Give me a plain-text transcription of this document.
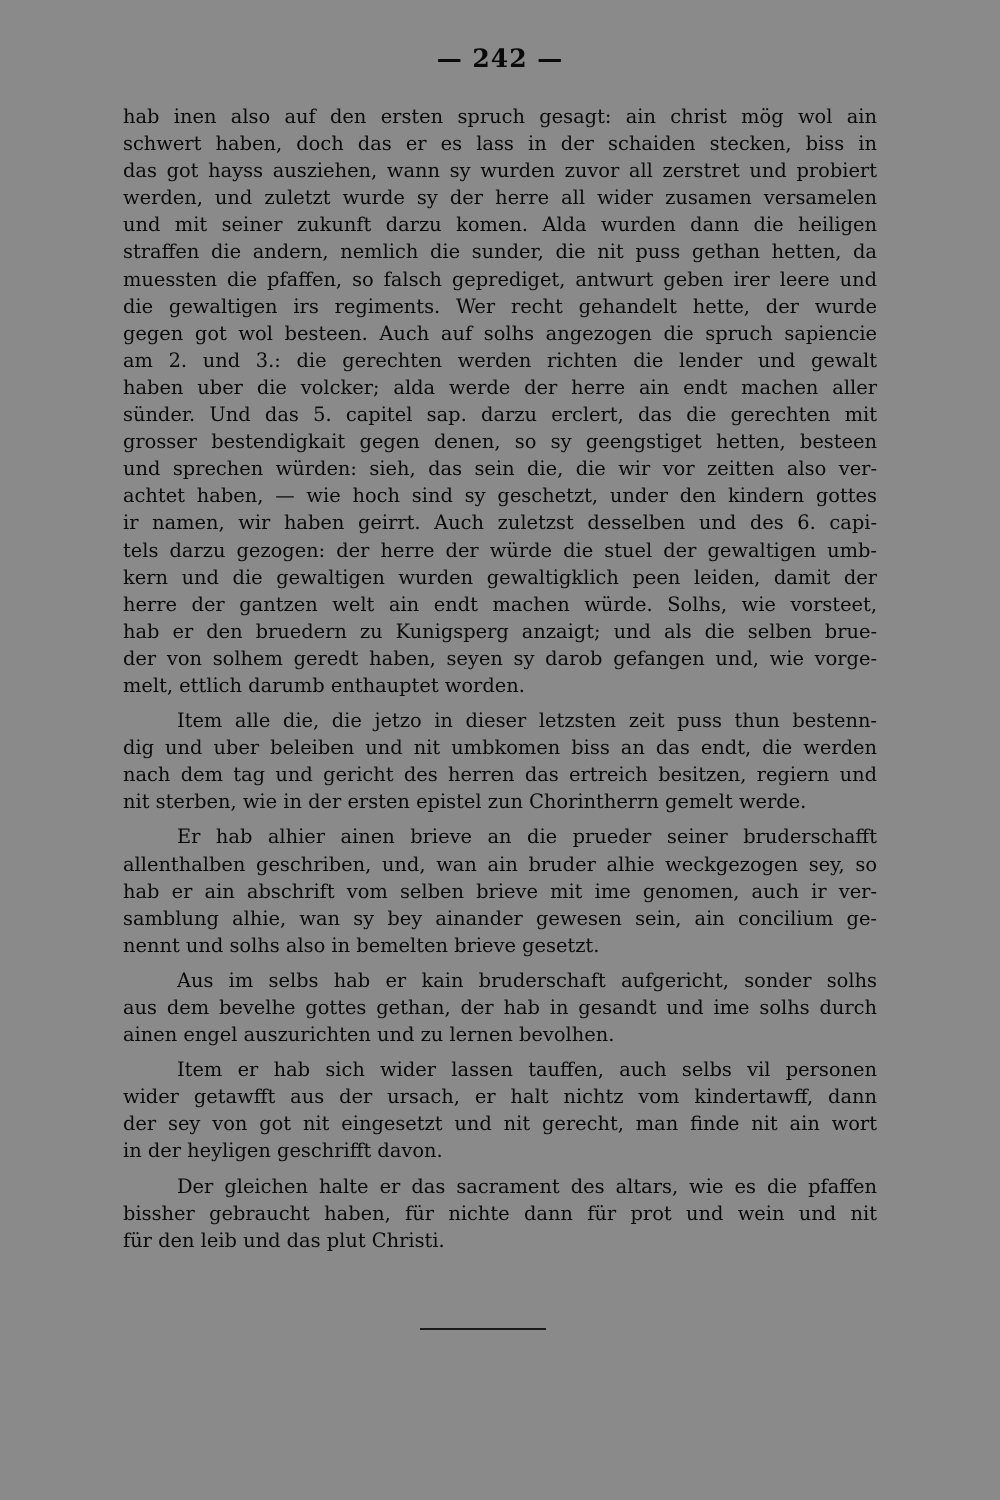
— 242 —
hab inen also auf den ersten spruch gesagt: ain christ mög wol ain
schwert haben, doch das er es lass in der schaiden stecken, biss in
das got hayss ausziehen, wann sy wurden zuvor all zerstret und probiert
werden, und zuletzt wurde sy der herre all wider zusamen versamelen
und mit seiner zukunft darzu komen. Alda wurden dann die heiligen
straffen die andern, nemlich die sunder, die nit puss gethan hetten, da
muessten die pfaffen, so falsch geprediget, antwurt geben irer leere und
die gewaltigen irs regiments. Wer recht gehandelt hette, der wurde
gegen got wol besteen. Auch auf solhs angezogen die spruch sapiencie
am 2. und 3.: die gerechten werden richten die lender und gewalt
haben uber die volcker; alda werde der herre ain endt machen aller
sünder. Und das 5. capitel sap. darzu erclert, das die gerechten mit
grosser bestendigkait gegen denen, so sy geengstiget hetten, besteen
und sprechen würden: sieh, das sein die, die wir vor zeitten also ver-
achtet haben, — wie hoch sind sy geschetzt, under den kindern gottes
ir namen, wir haben geirrt. Auch zuletzst desselben und des 6. capi-
tels darzu gezogen: der herre der würde die stuel der gewaltigen umb-
kern und die gewaltigen wurden gewaltigklich peen leiden, damit der
herre der gantzen welt ain endt machen würde. Solhs, wie vorsteet,
hab er den bruedern zu Kunigsperg anzaigt; und als die selben brue-
der von solhem geredt haben, seyen sy darob gefangen und, wie vorge-
melt, ettlich darumb enthauptet worden.
Item alle die, die jetzo in dieser letzsten zeit puss thun bestenn-
dig und uber beleiben und nit umbkomen biss an das endt, die werden
nach dem tag und gericht des herren das ertreich besitzen, regiern und
nit sterben, wie in der ersten epistel zun Chorintherrn gemelt werde.
Er hab alhier ainen brieve an die prueder seiner bruderschafft
allenthalben geschriben, und, wan ain bruder alhie weckgezogen sey, so
hab er ain abschrift vom selben brieve mit ime genomen, auch ir ver-
samblung alhie, wan sy bey ainander gewesen sein, ain concilium ge-
nennt und solhs also in bemelten brieve gesetzt.
Aus im selbs hab er kain bruderschaft aufgericht, sonder solhs
aus dem bevelhe gottes gethan, der hab in gesandt und ime solhs durch
ainen engel auszurichten und zu lernen bevolhen.
Item er hab sich wider lassen tauffen, auch selbs vil personen
wider getawfft aus der ursach, er halt nichtz vom kindertawff, dann
der sey von got nit eingesetzt und nit gerecht, man finde nit ain wort
in der heyligen geschrifft davon.
Der gleichen halte er das sacrament des altars, wie es die pfaffen
bissher gebraucht haben, für nichte dann für prot und wein und nit
für den leib und das plut Christi.
